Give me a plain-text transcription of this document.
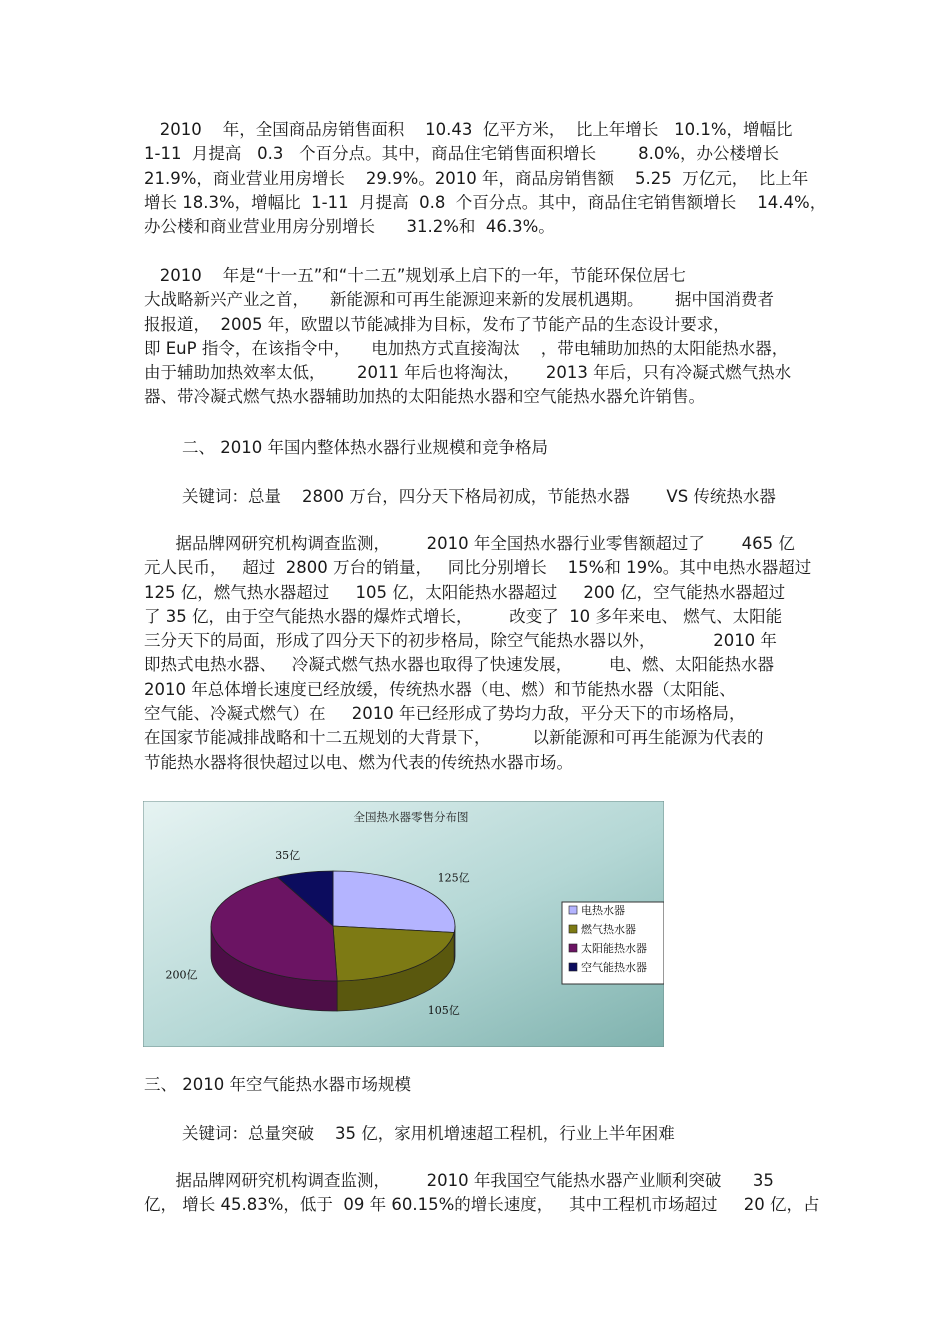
2010    年，全国商品房销售面积    10.43  亿平方米，  比上年增长   10.1%，增幅比
1-11  月提高   0.3   个百分点。其中，商品住宅销售面积增长        8.0%，办公楼增长
21.9%，商业营业用房增长    29.9%。2010 年，商品房销售额    5.25  万亿元，  比上年
增长 18.3%，增幅比  1-11  月提高  0.8  个百分点。其中，商品住宅销售额增长    14.4%，
办公楼和商业营业用房分别增长      31.2%和  46.3%。
2010    年是“十一五”和“十二五”规划承上启下的一年，节能环保位居七
大战略新兴产业之首，    新能源和可再生能源迎来新的发展机遇期。      据中国消费者
报报道，  2005 年，欧盟以节能减排为目标，发布了节能产品的生态设计要求，
即 EuP 指令，在该指令中，    电加热方式直接淘汰    ，带电辅助加热的太阳能热水器，
由于辅助加热效率太低，      2011 年后也将淘汰，     2013 年后，只有冷凝式燃气热水
器、带冷凝式燃气热水器辅助加热的太阳能热水器和空气能热水器允许销售。
二、 2010 年国内整体热水器行业规模和竞争格局
关键词：总量    2800 万台，四分天下格局初成，节能热水器       VS 传统热水器
据品牌网研究机构调查监测，       2010 年全国热水器行业零售额超过了       465 亿
元人民币，   超过  2800 万台的销量，   同比分别增长    15%和 19%。其中电热水器超过
125 亿，燃气热水器超过     105 亿，太阳能热水器超过     200 亿，空气能热水器超过
了 35 亿，由于空气能热水器的爆炸式增长，       改变了  10 多年来电、 燃气、太阳能
三分天下的局面，形成了四分天下的初步格局，除空气能热水器以外，           2010 年
即热式电热水器、   冷凝式燃气热水器也取得了快速发展，       电、燃、太阳能热水器
2010 年总体增长速度已经放缓，传统热水器（电、燃）和节能热水器（太阳能、
空气能、冷凝式燃气）在     2010 年已经形成了势均力敌，平分天下的市场格局，
在国家节能减排战略和十二五规划的大背景下，        以新能源和可再生能源为代表的
节能热水器将很快超过以电、燃为代表的传统热水器市场。
全国热水器零售分布图
125亿
105亿
200亿
35亿
电热水器
燃气热水器
太阳能热水器
空气能热水器
三、 2010 年空气能热水器市场规模
关键词：总量突破    35 亿，家用机增速超工程机，行业上半年困难
据品牌网研究机构调查监测，       2010 年我国空气能热水器产业顺利突破      35
亿， 增长 45.83%，低于  09 年 60.15%的增长速度，   其中工程机市场超过     20 亿，占
